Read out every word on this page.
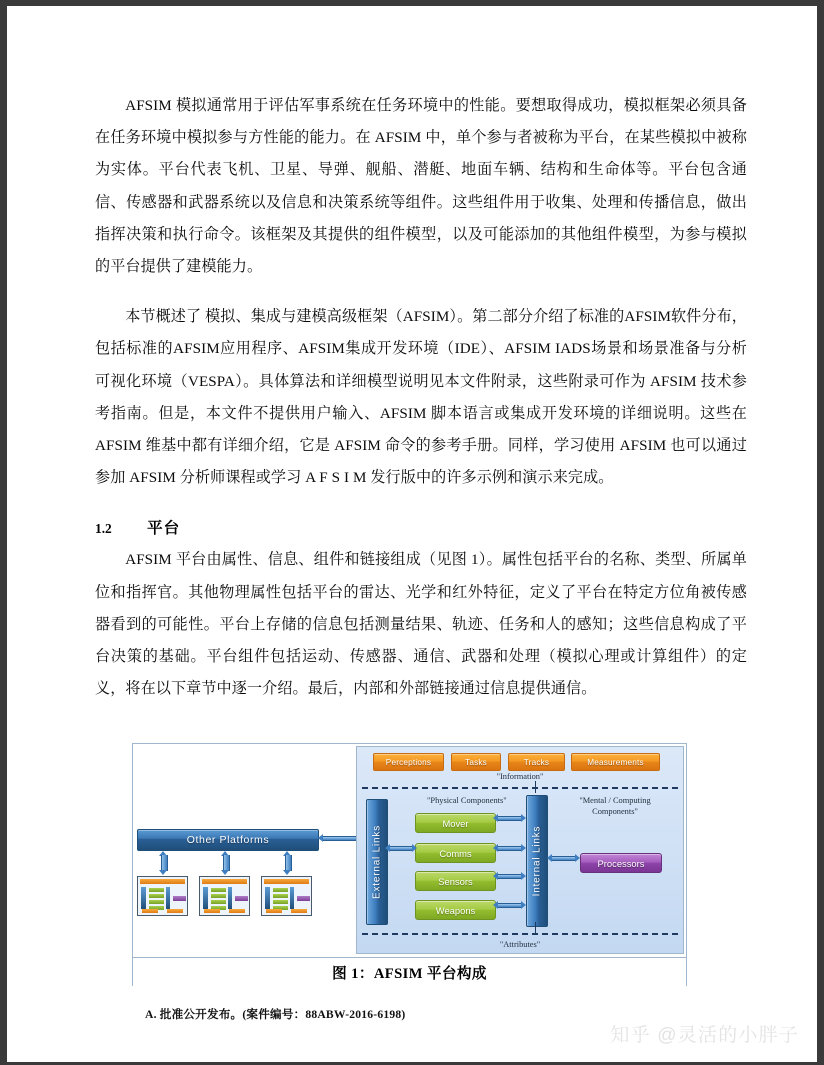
AFSIM 模拟通常用于评估军事系统在任务环境中的性能。要想取得成功，模拟框架必须具备在任务环境中模拟参与方性能的能力。在 AFSIM 中，单个参与者被称为平台，在某些模拟中被称为实体。平台代表飞机、卫星、导弹、舰船、潜艇、地面车辆、结构和生命体等。平台包含通信、传感器和武器系统以及信息和决策系统等组件。这些组件用于收集、处理和传播信息，做出指挥决策和执行命令。该框架及其提供的组件模型，以及可能添加的其他组件模型，为参与模拟的平台提供了建模能力。

本节概述了 模拟、集成与建模高级框架（AFSIM）。第二部分介绍了标准的AFSIM软件分布，包括标准的AFSIM应用程序、AFSIM集成开发环境（IDE）、AFSIM IADS场景和场景准备与分析可视化环境（VESPA）。具体算法和详细模型说明见本文件附录，这些附录可作为 AFSIM 技术参考指南。但是，本文件不提供用户输入、AFSIM 脚本语言或集成开发环境的详细说明。这些在 AFSIM 维基中都有详细介绍，它是 AFSIM 命令的参考手册。同样，学习使用 AFSIM 也可以通过参加 AFSIM 分析师课程或学习 A F S I M 发行版中的许多示例和演示来完成。

1.2	平台

AFSIM 平台由属性、信息、组件和链接组成（见图 1）。属性包括平台的名称、类型、所属单位和指挥官。其他物理属性包括平台的雷达、光学和红外特征，定义了平台在特定方位角被传感器看到的可能性。平台上存储的信息包括测量结果、轨迹、任务和人的感知；这些信息构成了平台决策的基础。平台组件包括运动、传感器、通信、武器和处理（模拟心理或计算组件）的定义，将在以下章节中逐一介绍。最后，内部和外部链接通过信息提供通信。

Other Platforms
Perceptions	Tasks	Tracks	Measurements
"Information"
"Physical Components"	"Mental / Computing Components"
External Links	Internal Links
Mover
Comms
Sensors
Weapons
Processors
"Attributes"
图 1：AFSIM 平台构成
A. 批准公开发布。(案件编号：88ABW-2016-6198)
知乎 @灵活的小胖子
